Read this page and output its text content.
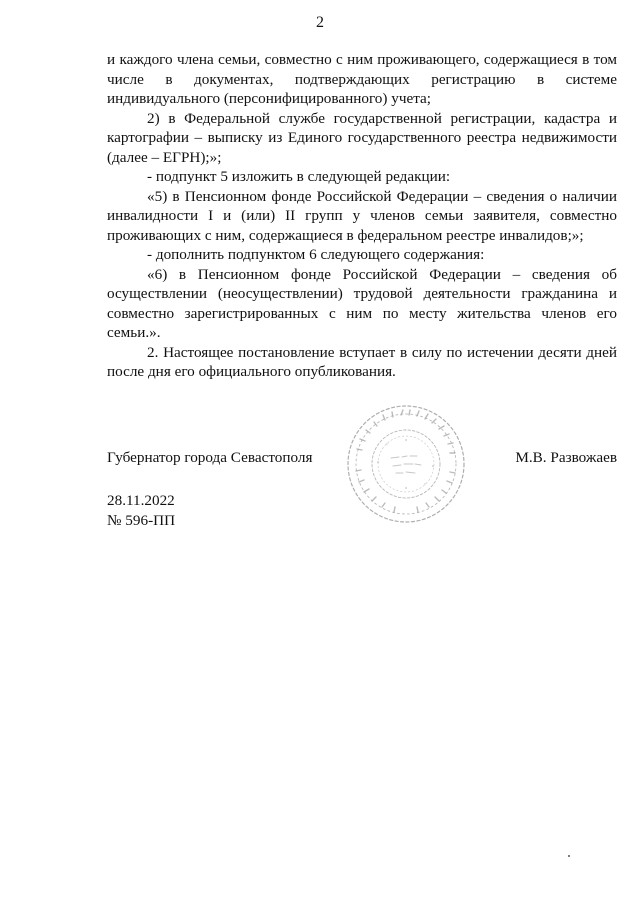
2

и каждого члена семьи, совместно с ним проживающего, содержащиеся в том числе в документах, подтверждающих регистрацию в системе индивидуального (персонифицированного) учета;

2) в Федеральной службе государственной регистрации, кадастра и картографии – выписку из Единого государственного реестра недвижимости (далее – ЕГРН);»;

- подпункт 5 изложить в следующей редакции:

«5) в Пенсионном фонде Российской Федерации – сведения о наличии инвалидности I и (или) II групп у членов семьи заявителя, совместно проживающих с ним, содержащиеся в федеральном реестре инвалидов;»;

- дополнить подпунктом 6 следующего содержания:

«6) в Пенсионном фонде Российской Федерации – сведения об осуществлении (неосуществлении) трудовой деятельности гражданина и совместно зарегистрированных с ним по месту жительства членов его семьи.».

2. Настоящее постановление вступает в силу по истечении десяти дней после дня его официального опубликования.

Губернатор города Севастополя	М.В. Развожаев
28.11.2022
№ 596-ПП
